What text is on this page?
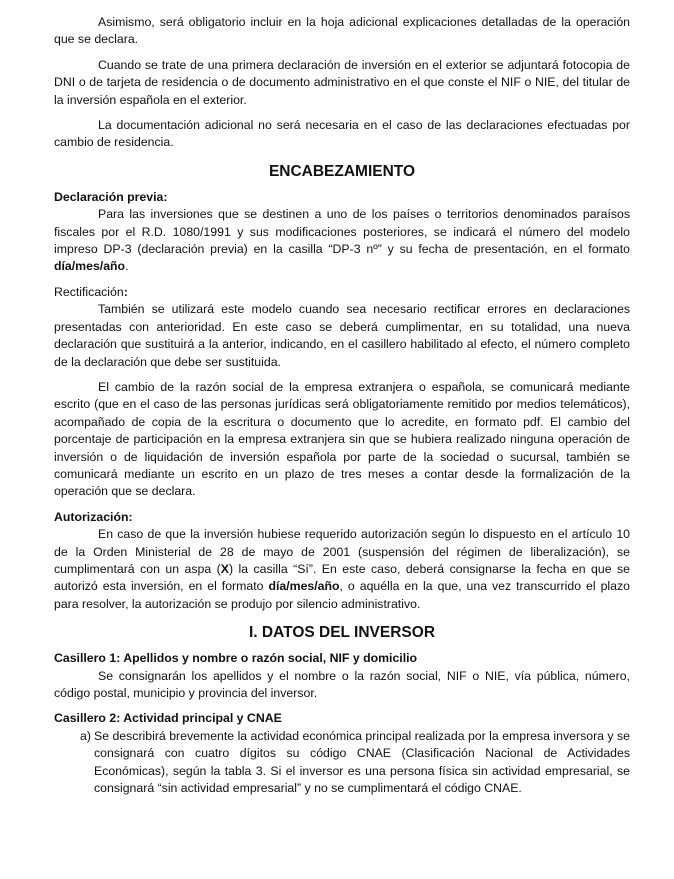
Asimismo, será obligatorio incluir en la hoja adicional explicaciones detalladas de la operación que se declara.

Cuando se trate de una primera declaración de inversión en el exterior se adjuntará fotocopia de DNI o de tarjeta de residencia o de documento administrativo en el que conste el NIF o NIE, del titular de la inversión española en el exterior.

La documentación adicional no será necesaria en el caso de las declaraciones efectuadas por cambio de residencia.

ENCABEZAMIENTO
Declaración previa:

Para las inversiones que se destinen a uno de los países o territorios denominados paraísos fiscales por el R.D. 1080/1991 y sus modificaciones posteriores, se indicará el número del modelo impreso DP-3 (declaración previa) en la casilla “DP-3 nº” y su fecha de presentación, en el formato día/mes/año.

Rectificación:

También se utilizará este modelo cuando sea necesario rectificar errores en declaraciones presentadas con anterioridad. En este caso se deberá cumplimentar, en su totalidad, una nueva declaración que sustituirá a la anterior, indicando, en el casillero habilitado al efecto, el número completo de la declaración que debe ser sustituida.

El cambio de la razón social de la empresa extranjera o española, se comunicará mediante escrito (que en el caso de las personas jurídicas será obligatoriamente remitido por medios telemáticos), acompañado de copia de la escritura o documento que lo acredite, en formato pdf. El cambio del porcentaje de participación en la empresa extranjera sin que se hubiera realizado ninguna operación de inversión o de liquidación de inversión española por parte de la sociedad o sucursal, también se comunicará mediante un escrito en un plazo de tres meses a contar desde la formalización de la operación que se declara.

Autorización:

En caso de que la inversión hubiese requerido autorización según lo dispuesto en el artículo 10 de la Orden Ministerial de 28 de mayo de 2001 (suspensión del régimen de liberalización), se cumplimentará con un aspa (X) la casilla “Sí”. En este caso, deberá consignarse la fecha en que se autorizó esta inversión, en el formato día/mes/año, o aquélla en la que, una vez transcurrido el plazo para resolver, la autorización se produjo por silencio administrativo.

I. DATOS DEL INVERSOR
Casillero 1: Apellidos y nombre o razón social, NIF y domicilio

Se consignarán los apellidos y el nombre o la razón social, NIF o NIE, vía pública, número, código postal, municipio y provincia del inversor.

Casillero 2: Actividad principal y CNAE
a) Se describirá brevemente la actividad económica principal realizada por la empresa inversora y se consignará con cuatro dígitos su código CNAE (Clasificación Nacional de Actividades Económicas), según la tabla 3. Si el inversor es una persona física sin actividad empresarial, se consignará “sin actividad empresarial” y no se cumplimentará el código CNAE.
